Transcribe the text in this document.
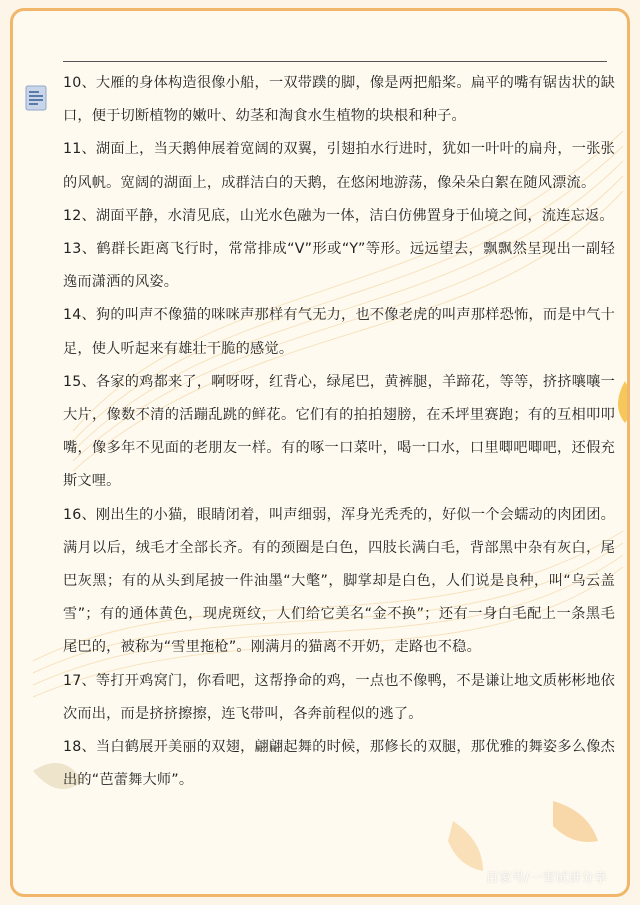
10、大雁的身体构造很像小船，一双带蹼的脚，像是两把船桨。扁平的嘴有锯齿状的缺口，便于切断植物的嫩叶、幼茎和淘食水生植物的块根和种子。

11、湖面上，当天鹅伸展着宽阔的双翼，引翅拍水行进时，犹如一叶叶的扁舟，一张张的风帆。宽阔的湖面上，成群洁白的天鹅，在悠闲地游荡，像朵朵白絮在随风漂流。

12、湖面平静，水清见底，山光水色融为一体，洁白仿佛置身于仙境之间，流连忘返。

13、鹤群长距离飞行时，常常排成“V”形或“Y”等形。远远望去，飘飘然呈现出一副轻逸而潇洒的风姿。

14、狗的叫声不像猫的咪咪声那样有气无力，也不像老虎的叫声那样恐怖，而是中气十足，使人听起来有雄壮干脆的感觉。

15、各家的鸡都来了，啊呀呀，红背心，绿尾巴，黄裤腿，羊蹄花，等等，挤挤嚷嚷一大片，像数不清的活蹦乱跳的鲜花。它们有的拍拍翅膀，在禾坪里赛跑；有的互相叩叩嘴，像多年不见面的老朋友一样。有的啄一口菜叶，喝一口水，口里唧吧唧吧，还假充斯文哩。

16、刚出生的小猫，眼睛闭着，叫声细弱，浑身光秃秃的，好似一个会蠕动的肉团团。 满月以后，绒毛才全部长齐。有的颈圈是白色，四肢长满白毛，背部黑中杂有灰白，尾巴灰黑；有的从头到尾披一件油墨“大氅”，脚掌却是白色，人们说是良种，叫“乌云盖雪”；有的通体黄色，现虎斑纹，人们给它美名“金不换”；还有一身白毛配上一条黑毛尾巴的，被称为“雪里拖枪”。刚满月的猫离不开奶，走路也不稳。

17、等打开鸡窝门，你看吧，这帮挣命的鸡，一点也不像鸭，不是谦让地文质彬彬地依次而出，而是挤挤擦擦，连飞带叫，各奔前程似的逃了。

18、当白鹤展开美丽的双翅，翩翩起舞的时候，那修长的双腿，那优雅的舞姿多么像杰出的“芭蕾舞大师”。

百家号/一雪试讲分享
